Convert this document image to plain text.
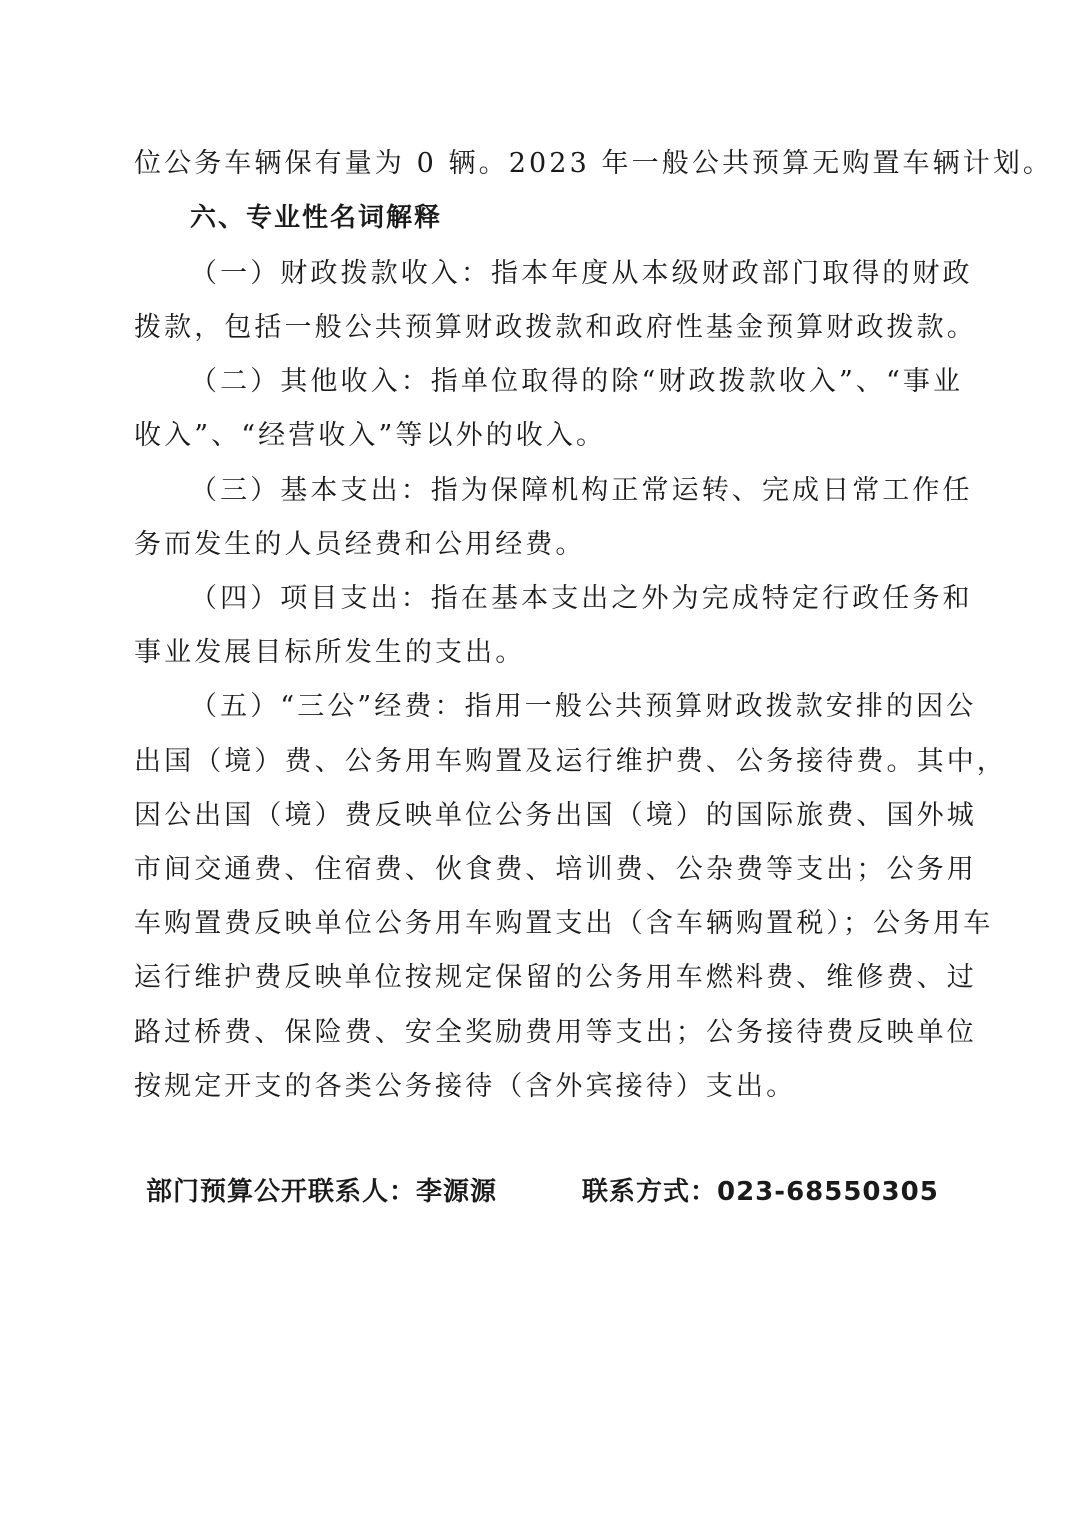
位公务车辆保有量为 0 辆。2023 年一般公共预算无购置车辆计划。
六、专业性名词解释
（一）财政拨款收入：指本年度从本级财政部门取得的财政
拨款，包括一般公共预算财政拨款和政府性基金预算财政拨款。
（二）其他收入：指单位取得的除“财政拨款收入”、“事业
收入”、“经营收入”等以外的收入。
（三）基本支出：指为保障机构正常运转、完成日常工作任
务而发生的人员经费和公用经费。
（四）项目支出：指在基本支出之外为完成特定行政任务和
事业发展目标所发生的支出。
（五）“三公”经费：指用一般公共预算财政拨款安排的因公
出国（境）费、公务用车购置及运行维护费、公务接待费。其中，
因公出国（境）费反映单位公务出国（境）的国际旅费、国外城
市间交通费、住宿费、伙食费、培训费、公杂费等支出；公务用
车购置费反映单位公务用车购置支出（含车辆购置税）；公务用车
运行维护费反映单位按规定保留的公务用车燃料费、维修费、过
路过桥费、保险费、安全奖励费用等支出；公务接待费反映单位
按规定开支的各类公务接待（含外宾接待）支出。
部门预算公开联系人：李源源	联系方式：023-68550305
